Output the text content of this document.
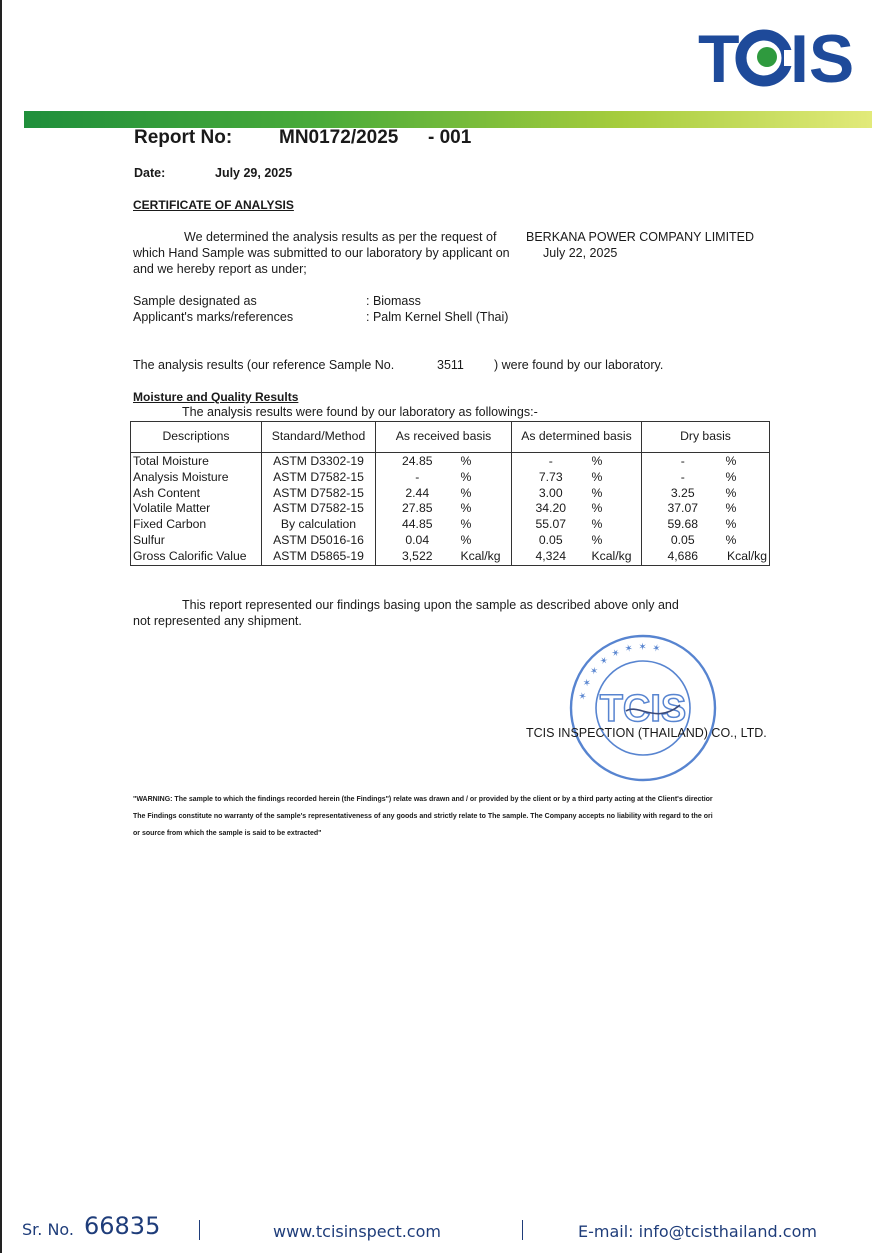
T IS
Report No: MN0172/2025 - 001
Date:	July 29, 2025
CERTIFICATE OF ANALYSIS
We determined the analysis results as per the request of
which Hand Sample was submitted to our laboratory by applicant on
and we hereby report as under;
BERKANA POWER COMPANY LIMITED
July 22, 2025
Sample designated as	: Biomass
Applicant's marks/references	: Palm Kernel Shell (Thai)
The analysis results (our reference Sample No.	3511 ) were found by our laboratory.
Moisture and Quality Results
The analysis results were found by our laboratory as followings:-
Descriptions	Standard/Method	As received basis		As determined basis		Dry basis	
Total Moisture	ASTM D3302-19	24.85	%	-	%	-	%
Analysis Moisture	ASTM D7582-15	-	%	7.73	%	-	%
Ash Content	ASTM D7582-15	2.44	%	3.00	%	3.25	%
Volatile Matter	ASTM D7582-15	27.85	%	34.20	%	37.07	%
Fixed Carbon	By calculation	44.85	%	55.07	%	59.68	%
Sulfur	ASTM D5016-16	0.04	%	0.05	%	0.05	%
Gross Calorific Value	ASTM D5865-19	3,522	Kcal/kg	4,324	Kcal/kg	4,686	Kcal/kg
This report represented our findings basing upon the sample as described above only and
not represented any shipment.
✶ ✶ ✶ ✶ ✶ ✶ ✶ ✶
TCIS
TCIS INSPECTION (THAILAND) CO., LTD.
"WARNING: The sample to which the findings recorded herein (the Findings") relate was drawn and / or provided by the client or by a third party acting at the Client's directior
The Findings constitute no warranty of the sample's representativeness of any goods and strictly relate to The sample. The Company accepts no liability with regard to the ori
or source from which the sample is said to be extracted"
Sr. No. 66835	www.tcisinspect.com	E-mail: info@tcisthailand.com
